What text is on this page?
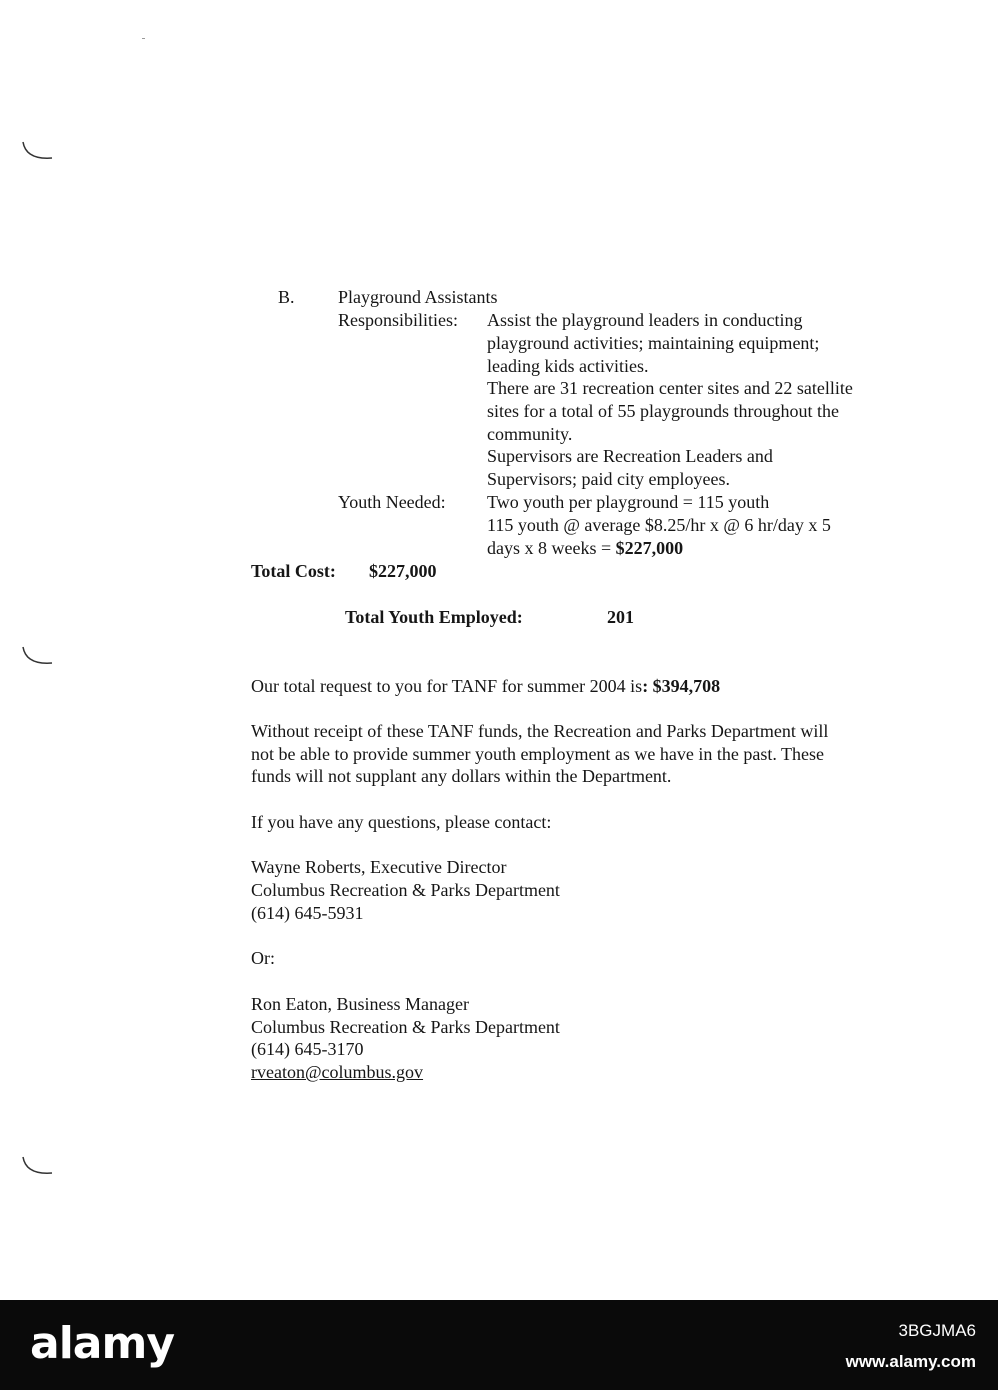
B. Playground Assistants
Responsibilities: Assist the playground leaders in conducting
playground activities; maintaining equipment;
leading kids activities.
There are 31 recreation center sites and 22 satellite
sites for a total of 55 playgrounds throughout the
community.
Supervisors are Recreation Leaders and
Supervisors; paid city employees.
Youth Needed: Two youth per playground = 115 youth
115 youth @ average $8.25/hr x @ 6 hr/day x 5
days x 8 weeks = $227,000
Total Cost: $227,000
Total Youth Employed:	201
Our total request to you for TANF for summer 2004 is: $394,708
Without receipt of these TANF funds, the Recreation and Parks Department will
not be able to provide summer youth employment as we have in the past. These
funds will not supplant any dollars within the Department.
If you have any questions, please contact:
Wayne Roberts, Executive Director
Columbus Recreation & Parks Department
(614) 645-5931
Or:
Ron Eaton, Business Manager
Columbus Recreation & Parks Department
(614) 645-3170
rveaton@columbus.gov
alamy	3BGJMA6
www.alamy.com
